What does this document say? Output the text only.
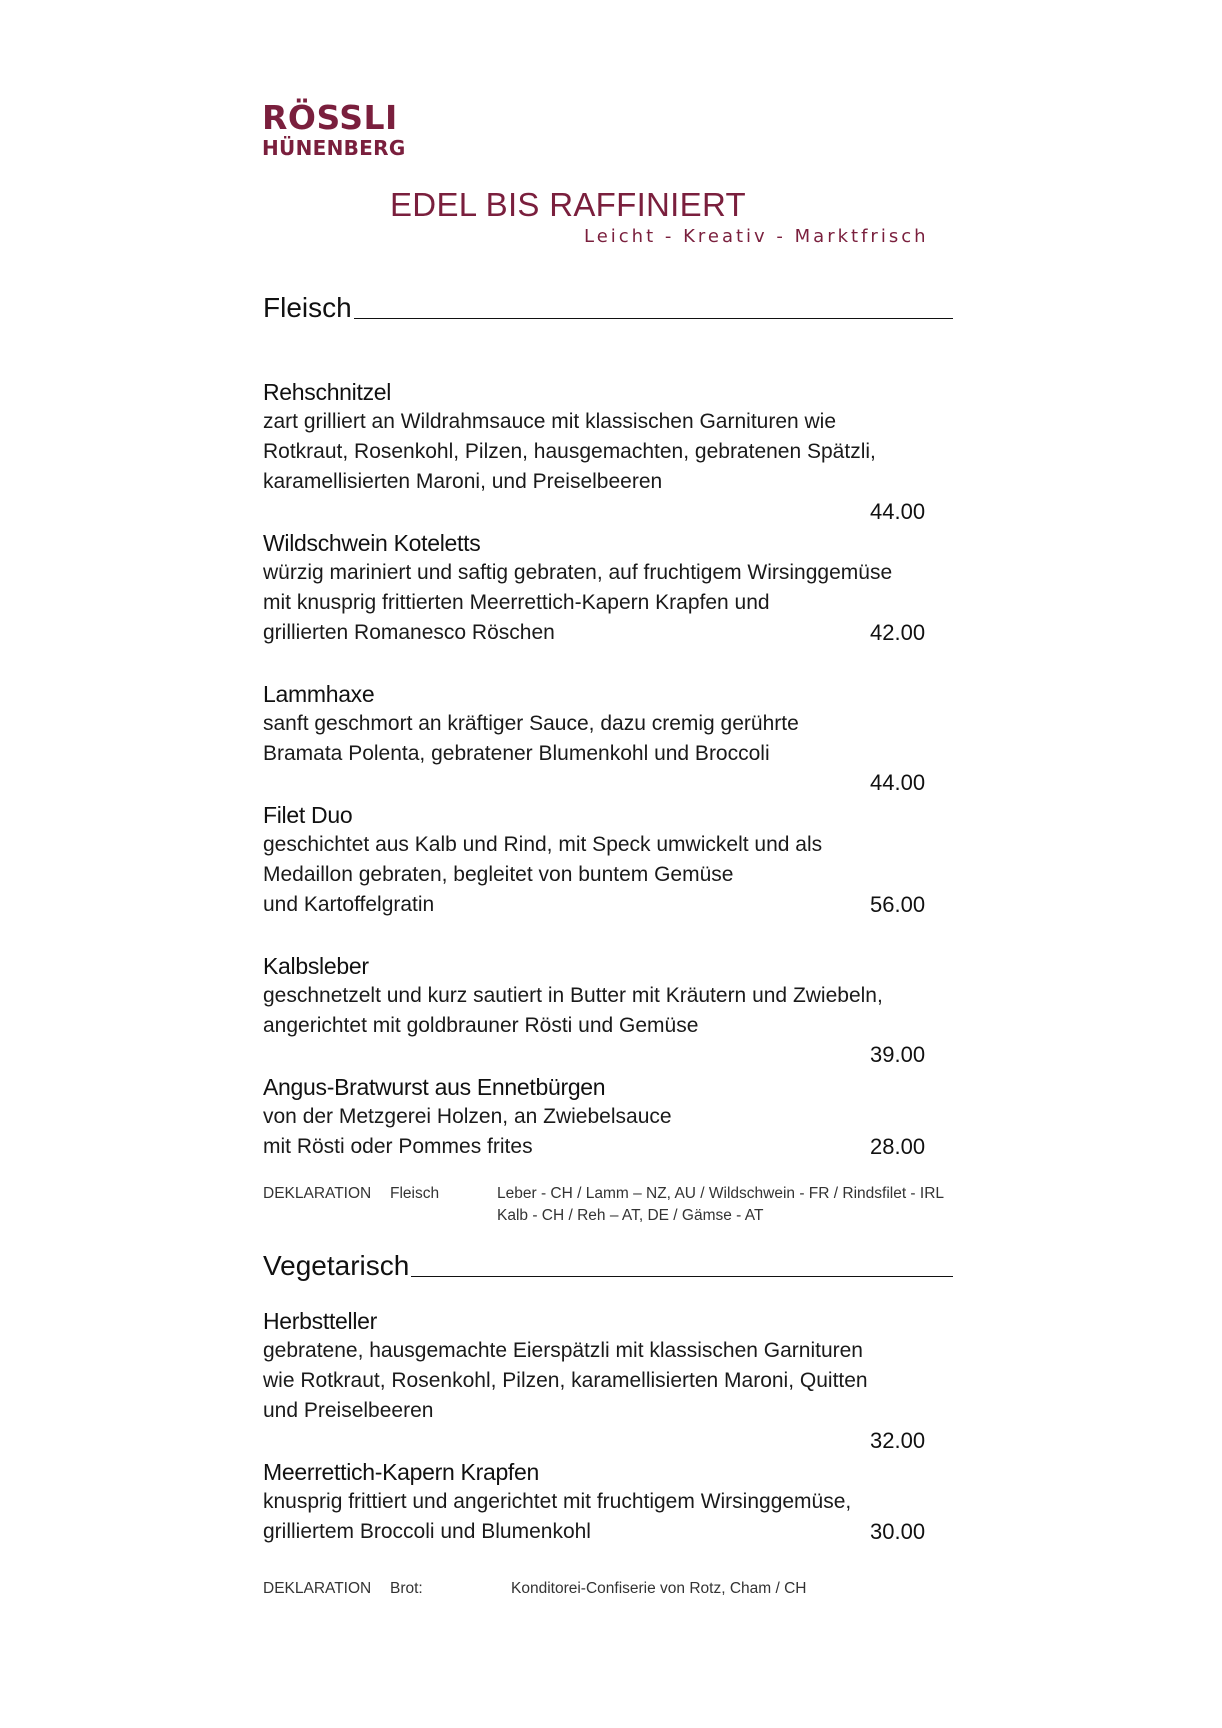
RÖSSLI
HÜNENBERG
EDEL BIS RAFFINIERT
Leicht - Kreativ - Marktfrisch
Fleisch
Rehschnitzel
zart grilliert an Wildrahmsauce mit klassischen Garnituren wie
Rotkraut, Rosenkohl, Pilzen, hausgemachten, gebratenen Spätzli,
karamellisierten Maroni, und Preiselbeeren
44.00
Wildschwein Koteletts
würzig mariniert und saftig gebraten, auf fruchtigem Wirsinggemüse
mit knusprig frittierten Meerrettich-Kapern Krapfen und
grillierten Romanesco Röschen	42.00
Lammhaxe
sanft geschmort an kräftiger Sauce, dazu cremig gerührte
Bramata Polenta, gebratener Blumenkohl und Broccoli
44.00
Filet Duo
geschichtet aus Kalb und Rind, mit Speck umwickelt und als
Medaillon gebraten, begleitet von buntem Gemüse
und Kartoffelgratin	56.00
Kalbsleber
geschnetzelt und kurz sautiert in Butter mit Kräutern und Zwiebeln,
angerichtet mit goldbrauner Rösti und Gemüse
39.00
Angus-Bratwurst aus Ennetbürgen
von der Metzgerei Holzen, an Zwiebelsauce
mit Rösti oder Pommes frites	28.00
DEKLARATION Fleisch	Leber - CH / Lamm – NZ, AU / Wildschwein - FR / Rindsfilet - IRL
Kalb - CH / Reh – AT, DE / Gämse - AT
Vegetarisch
Herbstteller
gebratene, hausgemachte Eierspätzli mit klassischen Garnituren
wie Rotkraut, Rosenkohl, Pilzen, karamellisierten Maroni, Quitten
und Preiselbeeren
32.00
Meerrettich-Kapern Krapfen
knusprig frittiert und angerichtet mit fruchtigem Wirsinggemüse,
grilliertem Broccoli und Blumenkohl	30.00
DEKLARATION Brot:	Konditorei-Confiserie von Rotz, Cham / CH
